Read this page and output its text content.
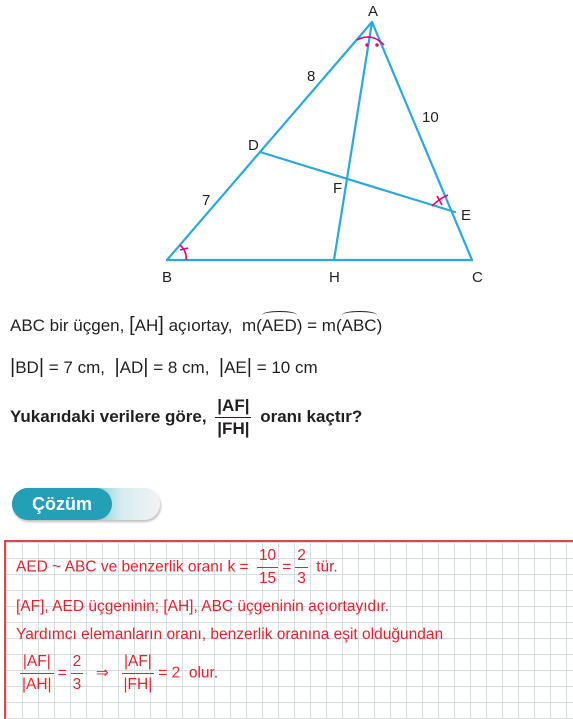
A
B	C
D
E
F
H
8
7
10
ABC bir üçgen, [AH] açıortay, m(AED) = m(ABC)
|BD| = 7 cm, |AD| = 8 cm, |AE| = 10 cm
Yukarıdaki verilere göre, $\frac{|AF|}{|FH|}$ oranı kaçtır?
Çözüm
AED ~ ABC ve benzerlik oranı $k = \frac{10}{15} = \frac{2}{3}$ tür.
[AF], AED üçgeninin; [AH], ABC üçgeninin açıortayıdır.
Yardımcı elemanların oranı, benzerlik oranına eşit olduğundan
$\frac{|AF|}{|AH|} = \frac{2}{3}$ ⇒ $\frac{|AF|}{|FH|} = 2$ olur.
